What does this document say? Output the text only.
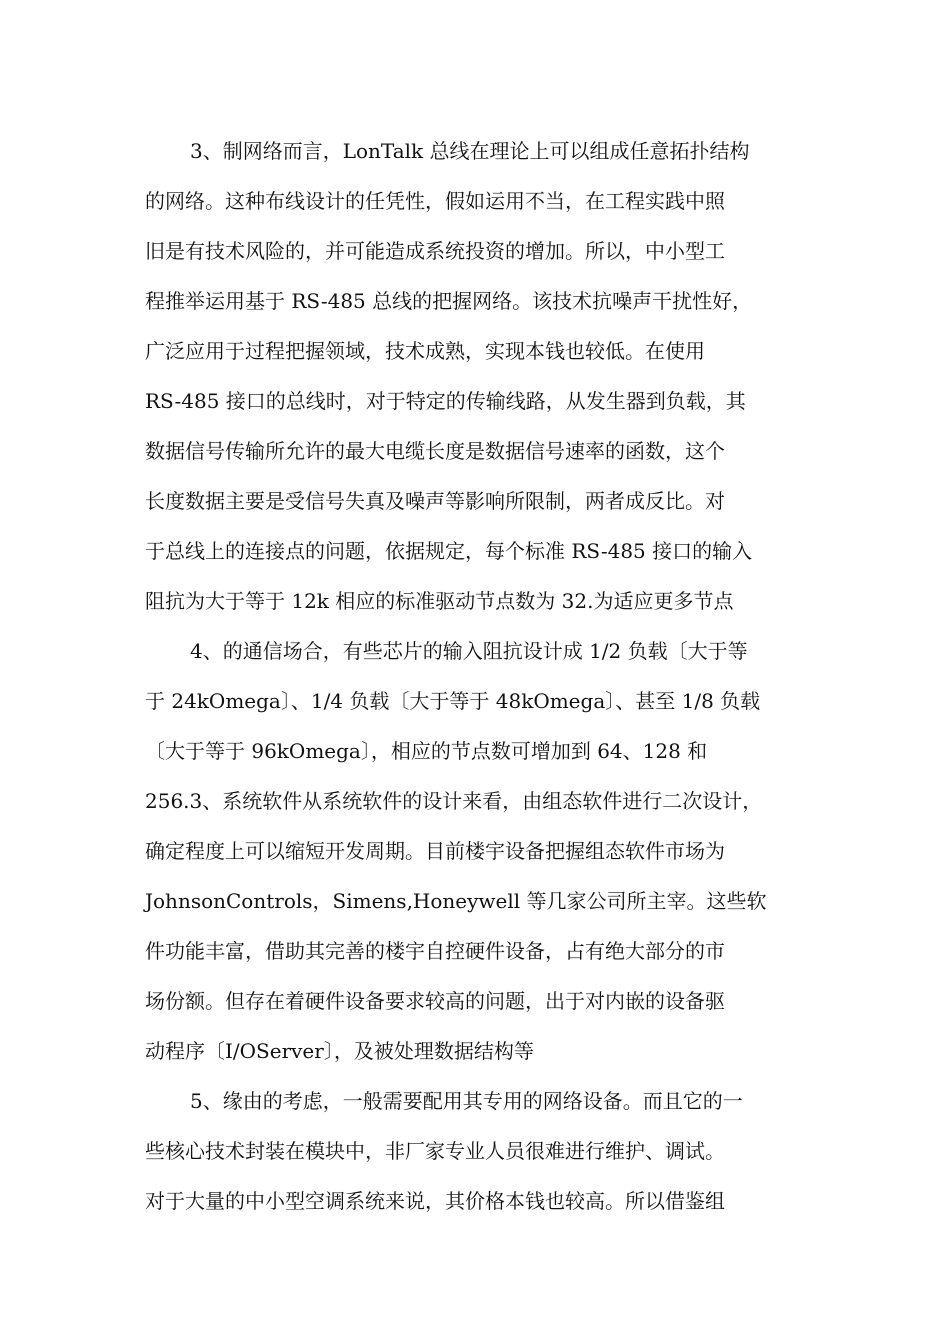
3、制网络而言，LonTalk 总线在理论上可以组成任意拓扑结构
的网络。这种布线设计的任凭性，假如运用不当，在工程实践中照
旧是有技术风险的，并可能造成系统投资的增加。所以，中小型工
程推举运用基于 RS-485 总线的把握网络。该技术抗噪声干扰性好，
广泛应用于过程把握领域，技术成熟，实现本钱也较低。在使用
RS-485 接口的总线时，对于特定的传输线路，从发生器到负载，其
数据信号传输所允许的最大电缆长度是数据信号速率的函数，这个
长度数据主要是受信号失真及噪声等影响所限制，两者成反比。对
于总线上的连接点的问题，依据规定，每个标准 RS-485 接口的输入
阻抗为大于等于 12k 相应的标准驱动节点数为 32.为适应更多节点
4、的通信场合，有些芯片的输入阻抗设计成 1/2 负载〔大于等
于 24kOmega〕、1/4 负载〔大于等于 48kOmega〕、甚至 1/8 负载
〔大于等于 96kOmega〕，相应的节点数可增加到 64、128 和
256.3、系统软件从系统软件的设计来看，由组态软件进行二次设计，
确定程度上可以缩短开发周期。目前楼宇设备把握组态软件市场为
JohnsonControls，Simens,Honeywell 等几家公司所主宰。这些软
件功能丰富，借助其完善的楼宇自控硬件设备，占有绝大部分的市
场份额。但存在着硬件设备要求较高的问题，出于对内嵌的设备驱
动程序〔I/OServer〕，及被处理数据结构等
5、缘由的考虑，一般需要配用其专用的网络设备。而且它的一
些核心技术封装在模块中，非厂家专业人员很难进行维护、调试。
对于大量的中小型空调系统来说，其价格本钱也较高。所以借鉴组
